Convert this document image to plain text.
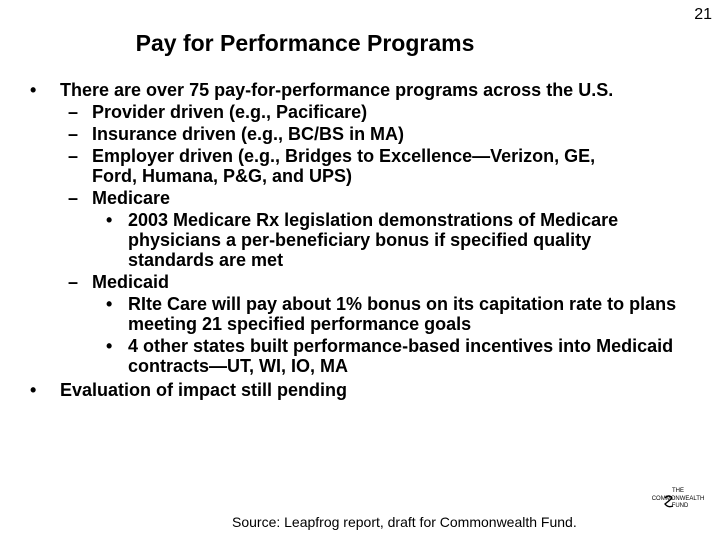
21
Pay for Performance Programs
•	There are over 75 pay-for-performance programs across the U.S.
– Provider driven (e.g., Pacificare)
– Insurance driven (e.g., BC/BS in MA)
– Employer driven (e.g., Bridges to Excellence—Verizon, GE, Ford, Humana, P&G, and UPS)
– Medicare
• 2003 Medicare Rx legislation demonstrations of Medicare physicians a per-beneficiary bonus if specified quality standards are met
– Medicaid
• RIte Care will pay about 1% bonus on its capitation rate to plans meeting 21 specified performance goals
• 4 other states built performance-based incentives into Medicaid contracts—UT, WI, IO, MA
•	Evaluation of impact still pending
Source: Leapfrog report, draft for Commonwealth Fund.
THE
COMMONWEALTH
FUND
